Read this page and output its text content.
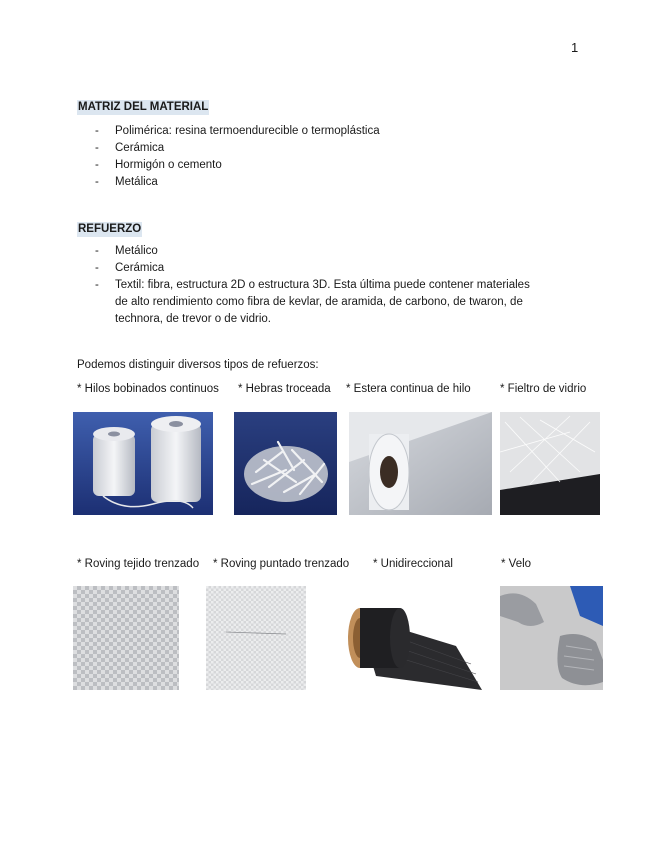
1
MATRIZ DEL MATERIAL
- Polimérica: resina termoendurecible o termoplástica
- Cerámica
- Hormigón o cemento
- Metálica
REFUERZO
- Metálico
- Cerámica
- Textil: fibra, estructura 2D o estructura 3D. Esta última puede contener materiales
de alto rendimiento como fibra de kevlar, de aramida, de carbono, de twaron, de
technora, de trevor o de vidrio.
Podemos distinguir diversos tipos de refuerzos:
* Hilos bobinados continuos * Hebras troceada * Estera continua de hilo	* Fieltro de vidrio
* Roving tejido trenzado * Roving puntado trenzado * Unidireccional	* Velo
